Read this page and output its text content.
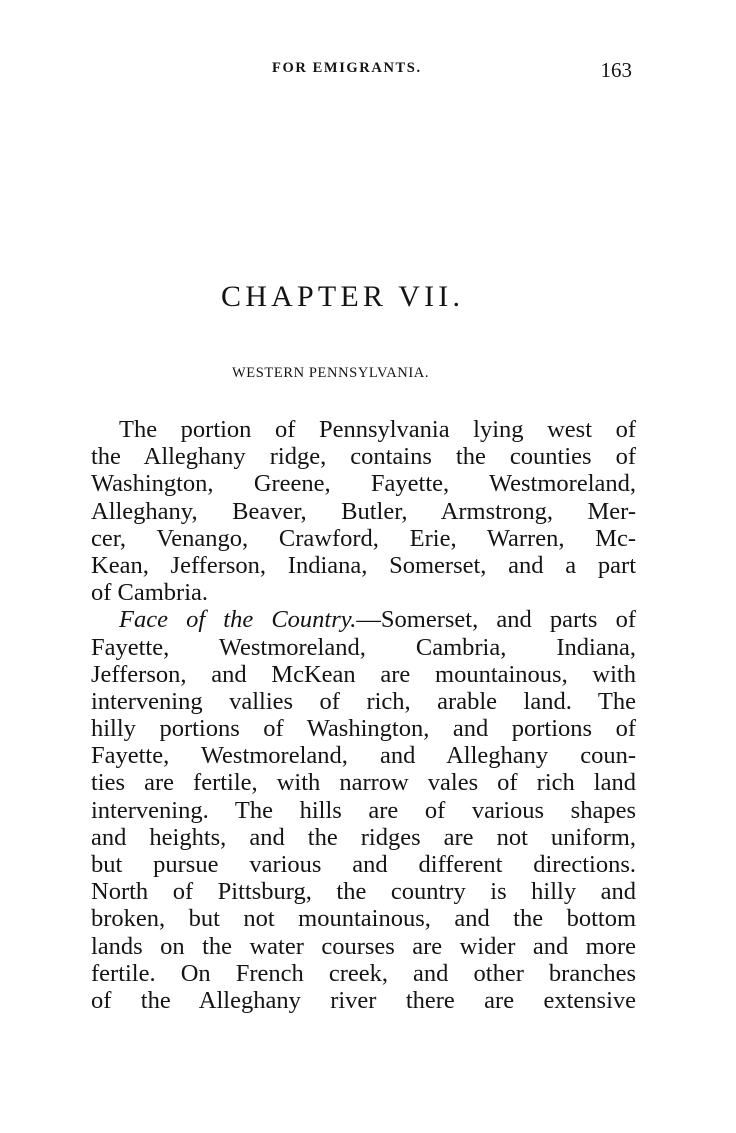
FOR EMIGRANTS.	163
CHAPTER VII.
WESTERN PENNSYLVANIA.
The portion of Pennsylvania lying west of
the Alleghany ridge, contains the counties of
Washington, Greene, Fayette, Westmoreland,
Alleghany, Beaver, Butler, Armstrong, Mer-
cer, Venango, Crawford, Erie, Warren, Mc-
Kean, Jefferson, Indiana, Somerset, and a part
of Cambria.
Face of the Country.—Somerset, and parts of
Fayette, Westmoreland, Cambria, Indiana,
Jefferson, and McKean are mountainous, with
intervening vallies of rich, arable land. The
hilly portions of Washington, and portions of
Fayette, Westmoreland, and Alleghany coun-
ties are fertile, with narrow vales of rich land
intervening. The hills are of various shapes
and heights, and the ridges are not uniform,
but pursue various and different directions.
North of Pittsburg, the country is hilly and
broken, but not mountainous, and the bottom
lands on the water courses are wider and more
fertile. On French creek, and other branches
of the Alleghany river there are extensive
